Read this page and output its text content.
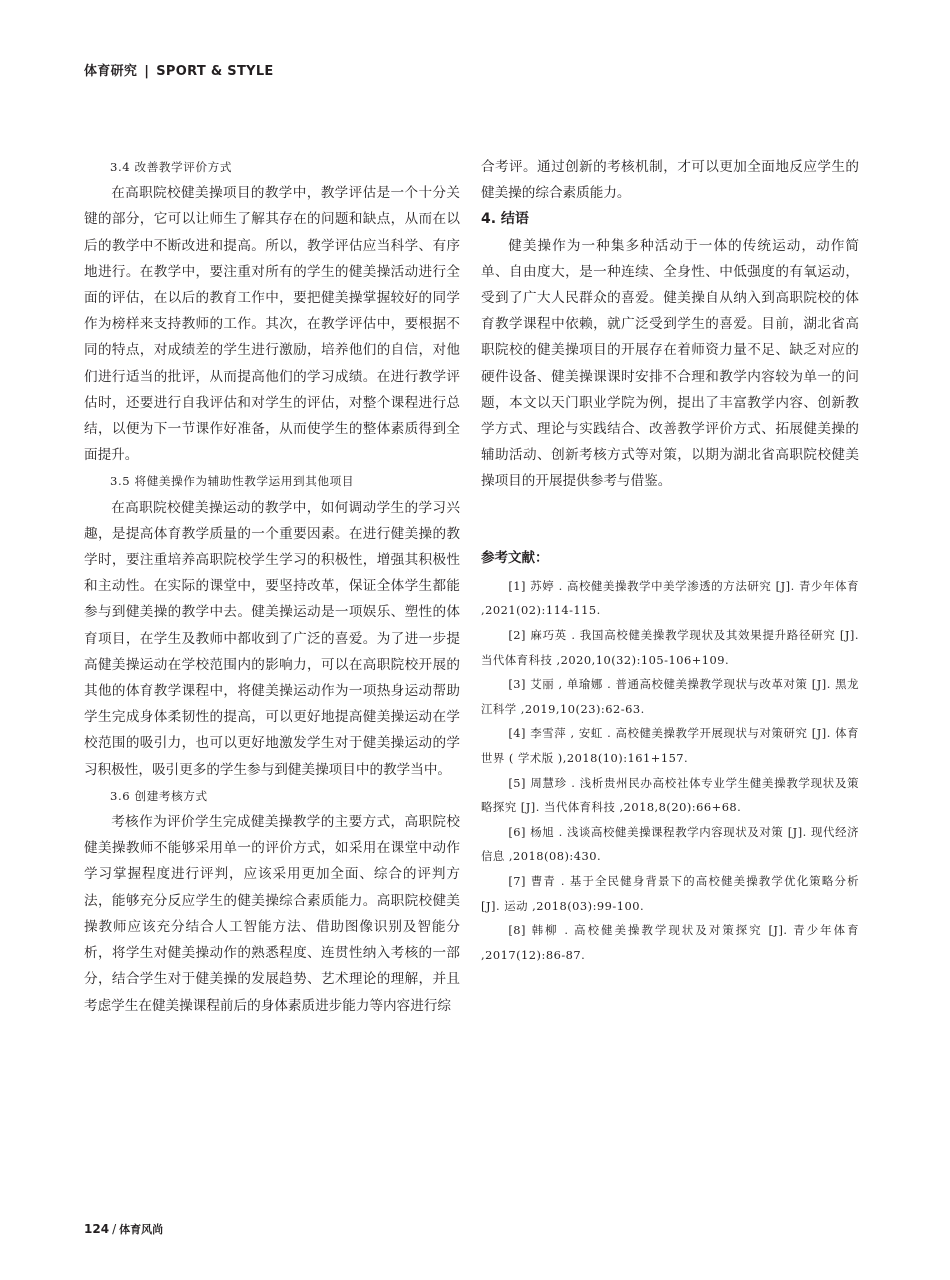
体育研究 | SPORT & STYLE

3.4 改善教学评价方式

在高职院校健美操项目的教学中，教学评估是一个十分关键的部分，它可以让师生了解其存在的问题和缺点，从而在以后的教学中不断改进和提高。所以，教学评估应当科学、有序地进行。在教学中，要注重对所有的学生的健美操活动进行全面的评估，在以后的教育工作中，要把健美操掌握较好的同学作为榜样来支持教师的工作。其次，在教学评估中，要根据不同的特点，对成绩差的学生进行激励，培养他们的自信，对他们进行适当的批评，从而提高他们的学习成绩。在进行教学评估时，还要进行自我评估和对学生的评估，对整个课程进行总结，以便为下一节课作好准备，从而使学生的整体素质得到全面提升。

3.5 将健美操作为辅助性教学运用到其他项目

在高职院校健美操运动的教学中，如何调动学生的学习兴趣，是提高体育教学质量的一个重要因素。在进行健美操的教学时，要注重培养高职院校学生学习的积极性，增强其积极性和主动性。在实际的课堂中，要坚持改革，保证全体学生都能参与到健美操的教学中去。健美操运动是一项娱乐、塑性的体育项目，在学生及教师中都收到了广泛的喜爱。为了进一步提高健美操运动在学校范围内的影响力，可以在高职院校开展的其他的体育教学课程中，将健美操运动作为一项热身运动帮助学生完成身体柔韧性的提高，可以更好地提高健美操运动在学校范围的吸引力，也可以更好地激发学生对于健美操运动的学习积极性，吸引更多的学生参与到健美操项目中的教学当中。

3.6 创建考核方式

考核作为评价学生完成健美操教学的主要方式，高职院校健美操教师不能够采用单一的评价方式，如采用在课堂中动作学习掌握程度进行评判，应该采用更加全面、综合的评判方法，能够充分反应学生的健美操综合素质能力。高职院校健美操教师应该充分结合人工智能方法、借助图像识别及智能分析，将学生对健美操动作的熟悉程度、连贯性纳入考核的一部分，结合学生对于健美操的发展趋势、艺术理论的理解，并且考虑学生在健美操课程前后的身体素质进步能力等内容进行综

合考评。通过创新的考核机制，才可以更加全面地反应学生的健美操的综合素质能力。

4. 结语

健美操作为一种集多种活动于一体的传统运动，动作简单、自由度大，是一种连续、全身性、中低强度的有氧运动，受到了广大人民群众的喜爱。健美操自从纳入到高职院校的体育教学课程中依赖，就广泛受到学生的喜爱。目前，湖北省高职院校的健美操项目的开展存在着师资力量不足、缺乏对应的硬件设备、健美操课课时安排不合理和教学内容较为单一的问题，本文以天门职业学院为例，提出了丰富教学内容、创新教学方式、理论与实践结合、改善教学评价方式、拓展健美操的辅助活动、创新考核方式等对策，以期为湖北省高职院校健美操项目的开展提供参考与借鉴。

参考文献：

[1] 苏婷 . 高校健美操教学中美学渗透的方法研究 [J]. 青少年体育 ,2021(02):114-115.
[2] 麻巧英 . 我国高校健美操教学现状及其效果提升路径研究 [J]. 当代体育科技 ,2020,10(32):105-106+109.
[3] 艾丽 , 单瑜娜 . 普通高校健美操教学现状与改革对策 [J]. 黑龙江科学 ,2019,10(23):62-63.
[4] 李雪萍 , 安虹 . 高校健美操教学开展现状与对策研究 [J]. 体育世界 ( 学术版 ),2018(10):161+157.
[5] 周慧珍 . 浅析贵州民办高校社体专业学生健美操教学现状及策略探究 [J]. 当代体育科技 ,2018,8(20):66+68.
[6] 杨旭 . 浅谈高校健美操课程教学内容现状及对策 [J]. 现代经济信息 ,2018(08):430.
[7] 曹青 . 基于全民健身背景下的高校健美操教学优化策略分析 [J]. 运动 ,2018(03):99-100.
[8] 韩柳 . 高校健美操教学现状及对策探究 [J]. 青少年体育 ,2017(12):86-87.
124 / 体育风尚
